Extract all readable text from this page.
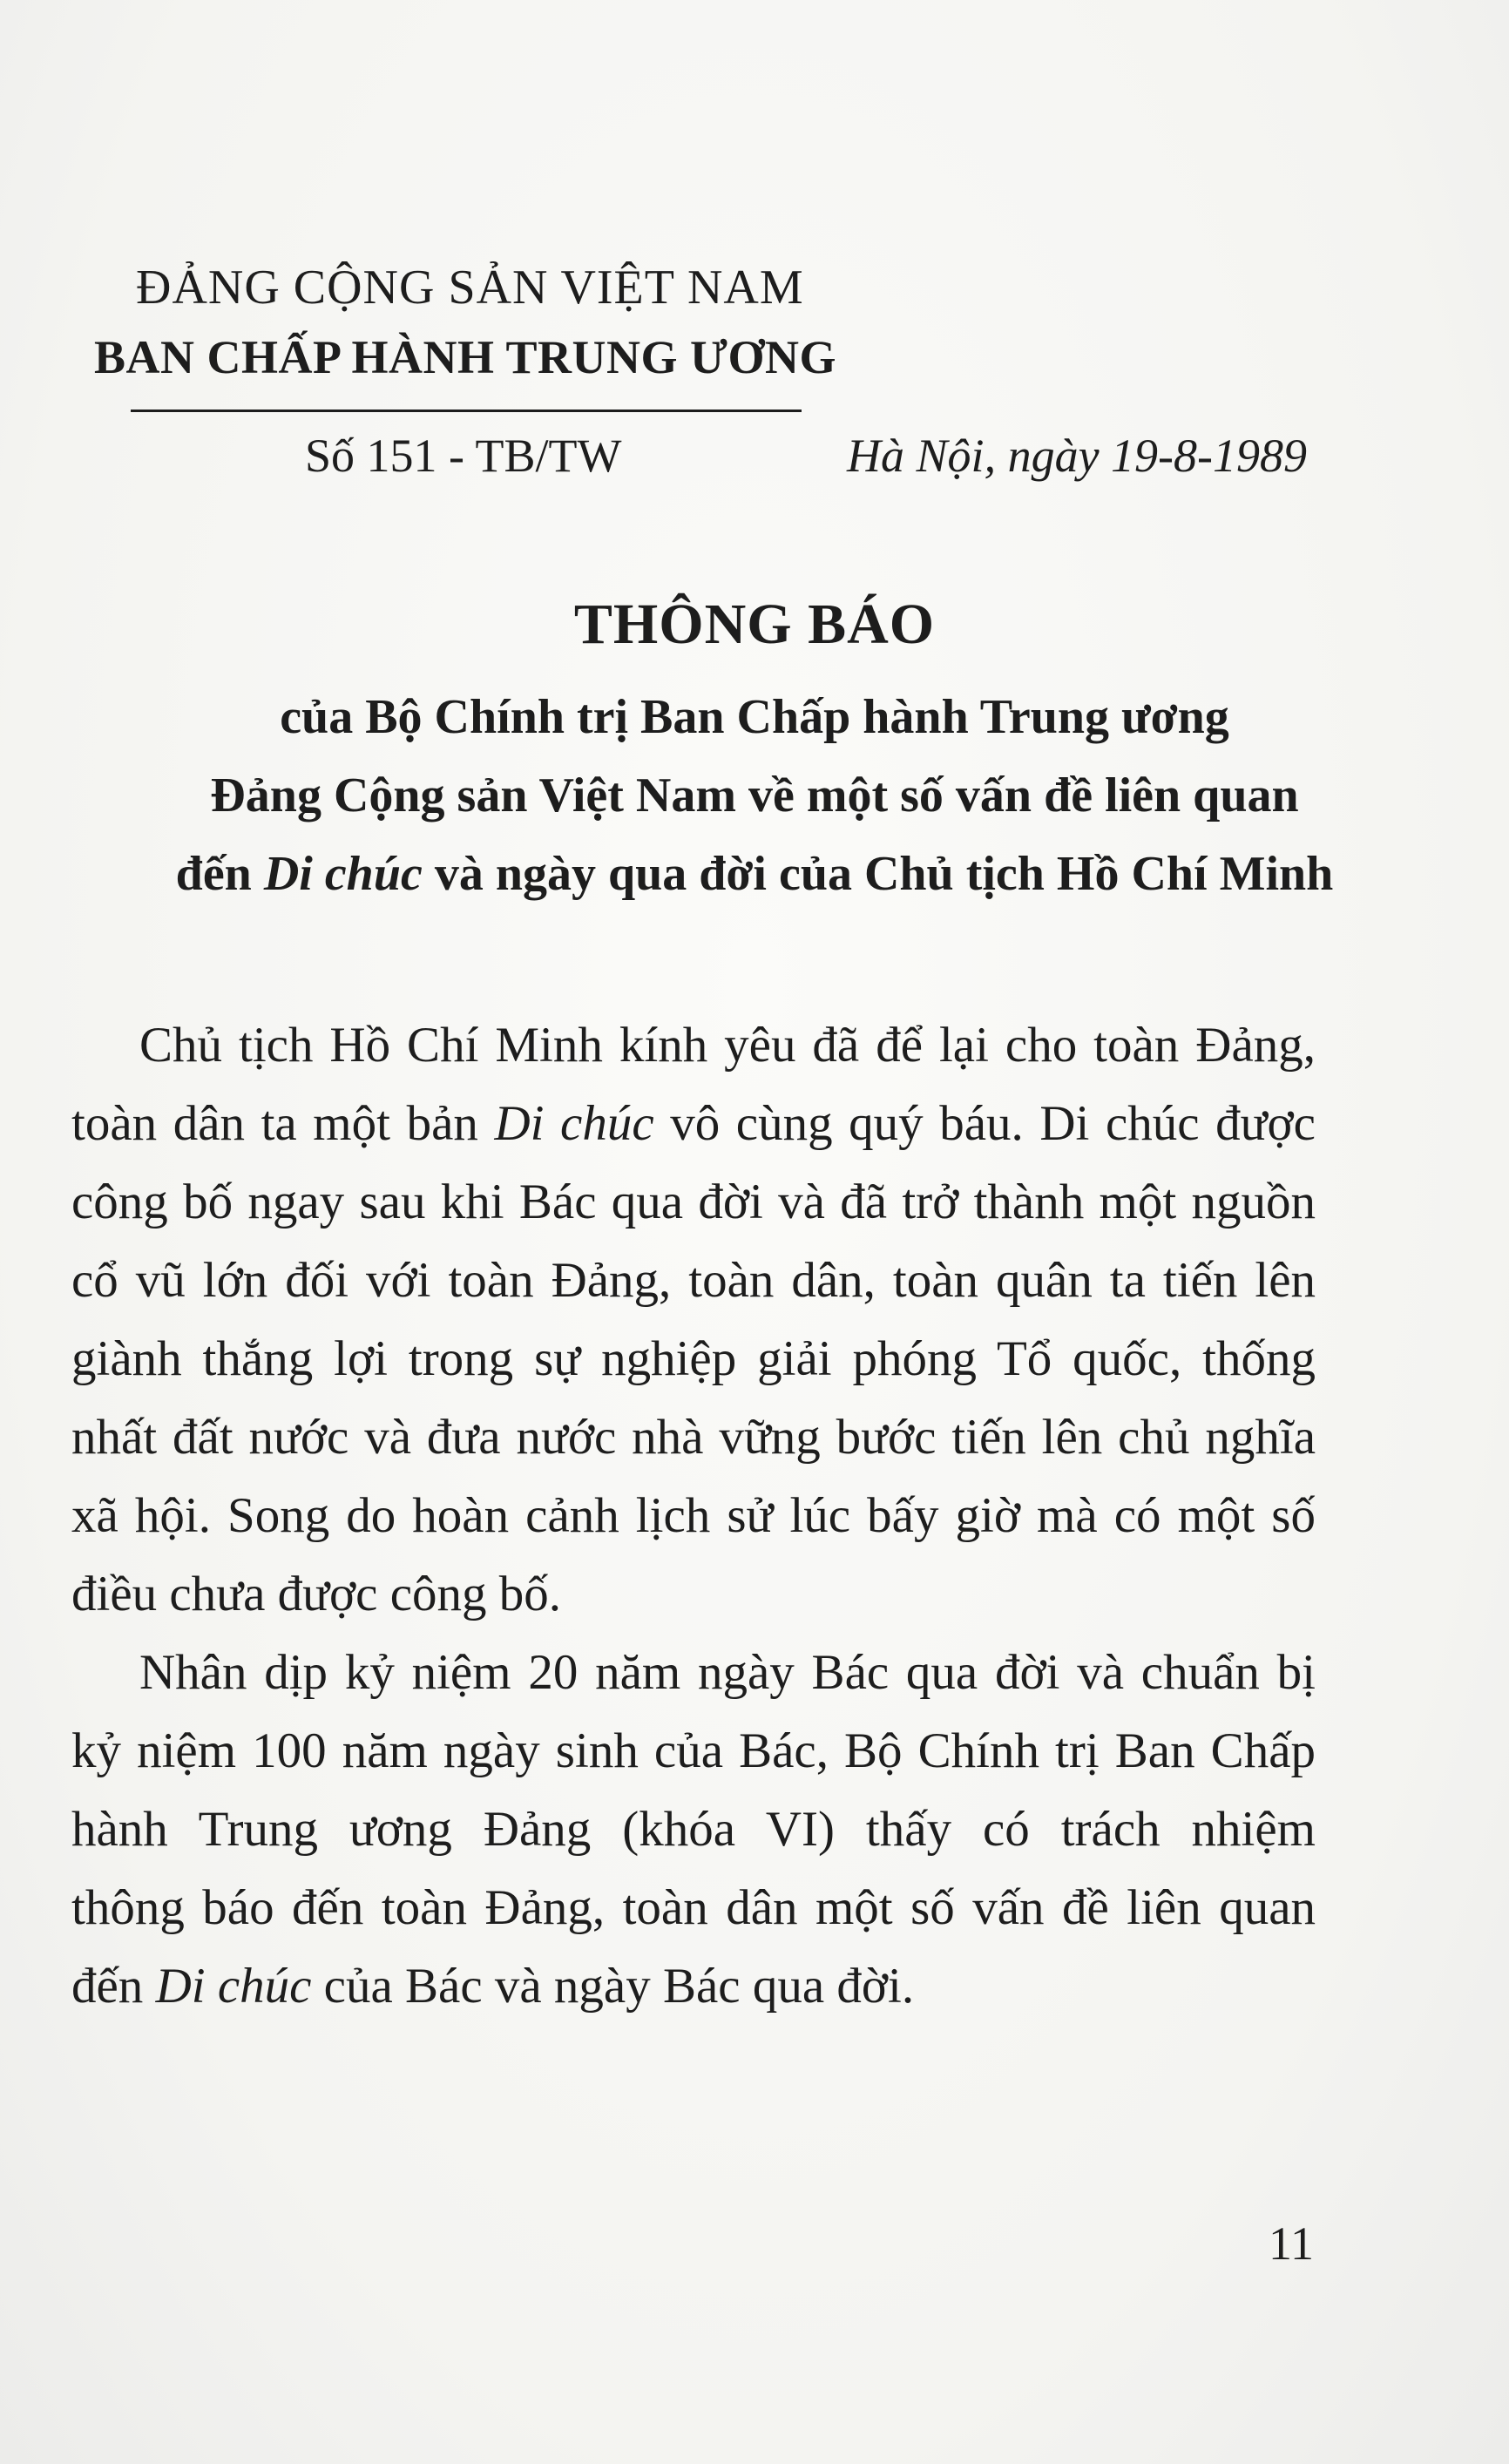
ĐẢNG CỘNG SẢN VIỆT NAM
BAN CHẤP HÀNH TRUNG ƯƠNG
Số 151 - TB/TW	Hà Nội, ngày 19-8-1989
THÔNG BÁO
của Bộ Chính trị Ban Chấp hành Trung ương
Đảng Cộng sản Việt Nam về một số vấn đề liên quan
đến Di chúc và ngày qua đời của Chủ tịch Hồ Chí Minh
Chủ tịch Hồ Chí Minh kính yêu đã để lại cho toàn Đảng,
toàn dân ta một bản Di chúc vô cùng quý báu. Di chúc được
công bố ngay sau khi Bác qua đời và đã trở thành một nguồn
cổ vũ lớn đối với toàn Đảng, toàn dân, toàn quân ta tiến lên
giành thắng lợi trong sự nghiệp giải phóng Tổ quốc, thống
nhất đất nước và đưa nước nhà vững bước tiến lên chủ nghĩa
xã hội. Song do hoàn cảnh lịch sử lúc bấy giờ mà có một số
điều chưa được công bố.
Nhân dịp kỷ niệm 20 năm ngày Bác qua đời và chuẩn bị
kỷ niệm 100 năm ngày sinh của Bác, Bộ Chính trị Ban Chấp
hành Trung ương Đảng (khóa VI) thấy có trách nhiệm
thông báo đến toàn Đảng, toàn dân một số vấn đề liên quan
đến Di chúc của Bác và ngày Bác qua đời.
11
